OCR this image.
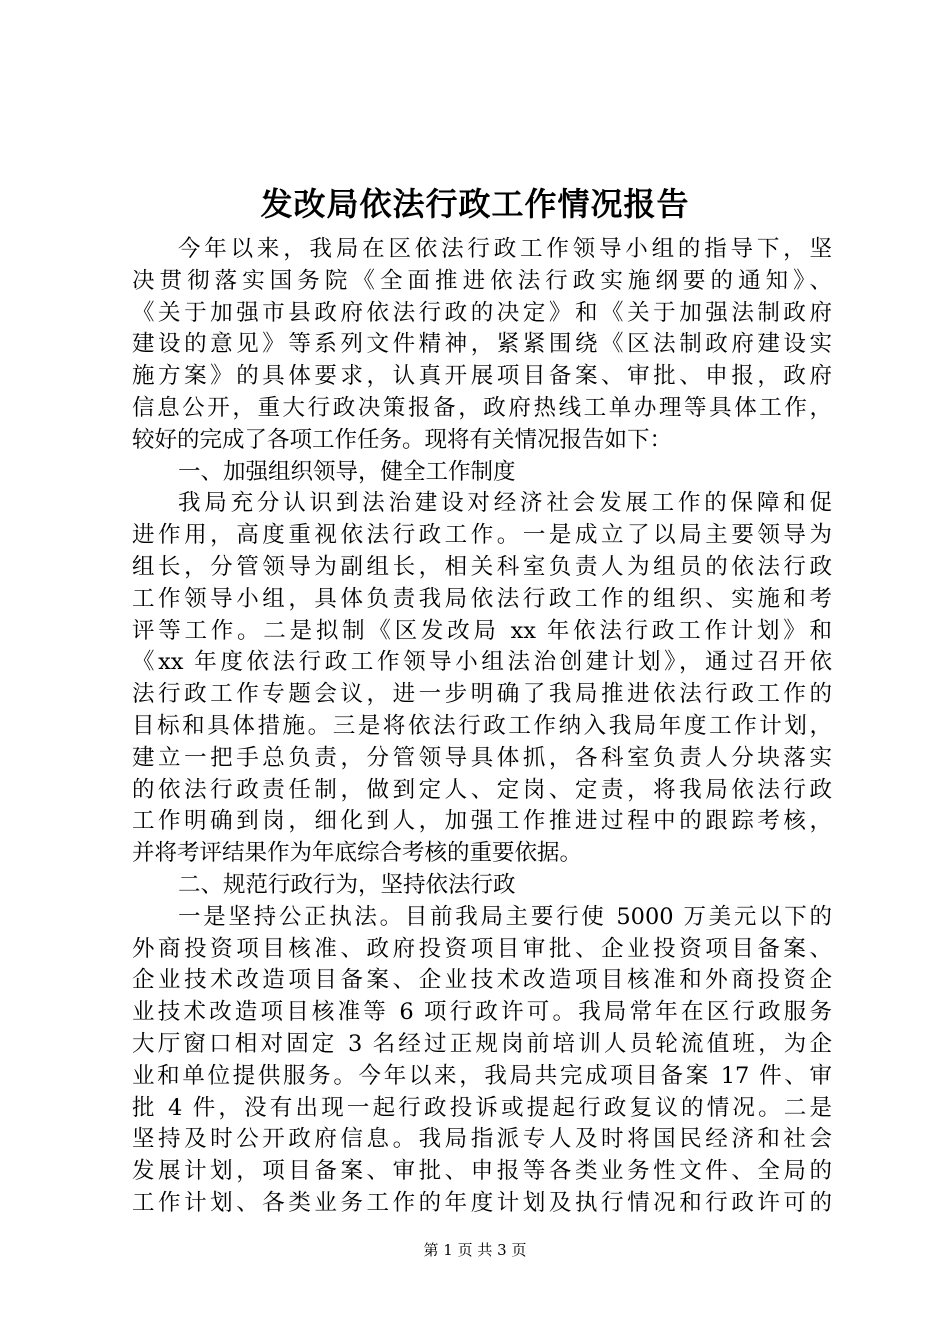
发改局依法行政工作情况报告
今年以来，我局在区依法行政工作领导小组的指导下，坚
决贯彻落实国务院《全面推进依法行政实施纲要的通知》、
《关于加强市县政府依法行政的决定》和《关于加强法制政府
建设的意见》等系列文件精神，紧紧围绕《区法制政府建设实
施方案》的具体要求，认真开展项目备案、审批、申报，政府
信息公开，重大行政决策报备，政府热线工单办理等具体工作，
较好的完成了各项工作任务。现将有关情况报告如下：
一、加强组织领导，健全工作制度
我局充分认识到法治建设对经济社会发展工作的保障和促
进作用，高度重视依法行政工作。一是成立了以局主要领导为
组长，分管领导为副组长，相关科室负责人为组员的依法行政
工作领导小组，具体负责我局依法行政工作的组织、实施和考
评等工作。二是拟制《区发改局 xx 年依法行政工作计划》和
《xx 年度依法行政工作领导小组法治创建计划》，通过召开依
法行政工作专题会议，进一步明确了我局推进依法行政工作的
目标和具体措施。三是将依法行政工作纳入我局年度工作计划，
建立一把手总负责，分管领导具体抓，各科室负责人分块落实
的依法行政责任制，做到定人、定岗、定责，将我局依法行政
工作明确到岗，细化到人，加强工作推进过程中的跟踪考核，
并将考评结果作为年底综合考核的重要依据。
二、规范行政行为，坚持依法行政
一是坚持公正执法。目前我局主要行使 5000 万美元以下的
外商投资项目核准、政府投资项目审批、企业投资项目备案、
企业技术改造项目备案、企业技术改造项目核准和外商投资企
业技术改造项目核准等 6 项行政许可。我局常年在区行政服务
大厅窗口相对固定 3 名经过正规岗前培训人员轮流值班，为企
业和单位提供服务。今年以来，我局共完成项目备案 17 件、审
批 4 件，没有出现一起行政投诉或提起行政复议的情况。二是
坚持及时公开政府信息。我局指派专人及时将国民经济和社会
发展计划，项目备案、审批、申报等各类业务性文件、全局的
工作计划、各类业务工作的年度计划及执行情况和行政许可的
第 1 页 共 3 页
